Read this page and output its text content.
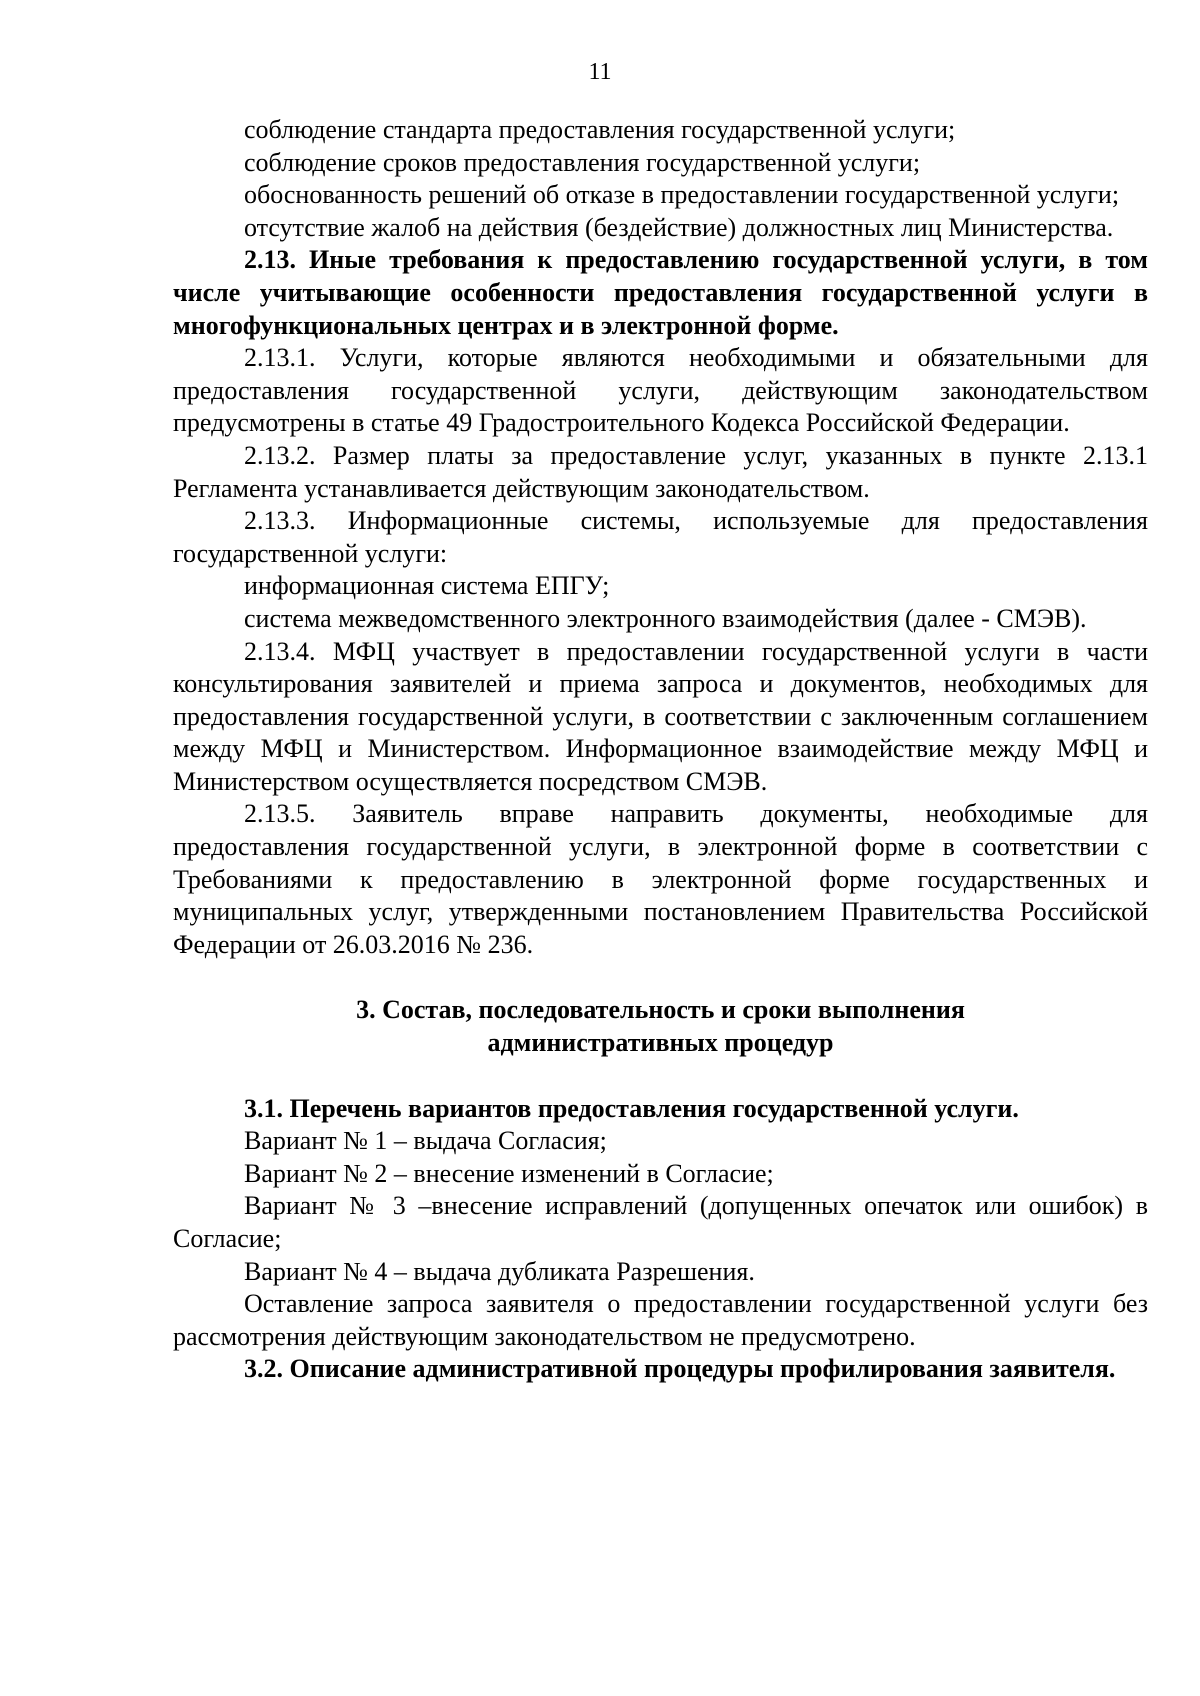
11

соблюдение стандарта предоставления государственной услуги;

соблюдение сроков предоставления государственной услуги;

обоснованность решений об отказе в предоставлении государственной услуги;

отсутствие жалоб на действия (бездействие) должностных лиц Министерства.

2.13. Иные требования к предоставлению государственной услуги, в том числе учитывающие особенности предоставления государственной услуги в многофункциональных центрах и в электронной форме.

2.13.1. Услуги, которые являются необходимыми и обязательными для предоставления государственной услуги, действующим законодательством предусмотрены в статье 49 Градостроительного Кодекса Российской Федерации.

2.13.2. Размер платы за предоставление услуг, указанных в пункте 2.13.1 Регламента устанавливается действующим законодательством.

2.13.3. Информационные системы, используемые для предоставления государственной услуги:

информационная система ЕПГУ;

система межведомственного электронного взаимодействия (далее - СМЭВ).

2.13.4. МФЦ участвует в предоставлении государственной услуги в части консультирования заявителей и приема запроса и документов, необходимых для предоставления государственной услуги, в соответствии с заключенным соглашением между МФЦ и Министерством. Информационное взаимодействие между МФЦ и Министерством осуществляется посредством СМЭВ.

2.13.5. Заявитель вправе направить документы, необходимые для предоставления государственной услуги, в электронной форме в соответствии с Требованиями к предоставлению в электронной форме государственных и муниципальных услуг, утвержденными постановлением Правительства Российской Федерации от 26.03.2016 № 236.

3. Состав, последовательность и сроки выполнения
административных процедур

3.1. Перечень вариантов предоставления государственной услуги.

Вариант № 1 – выдача Согласия;

Вариант № 2 – внесение изменений в Согласие;

Вариант № 3 –внесение исправлений (допущенных опечаток или ошибок) в Согласие;

Вариант № 4 – выдача дубликата Разрешения.

Оставление запроса заявителя о предоставлении государственной услуги без рассмотрения действующим законодательством не предусмотрено.

3.2. Описание административной процедуры профилирования заявителя.
